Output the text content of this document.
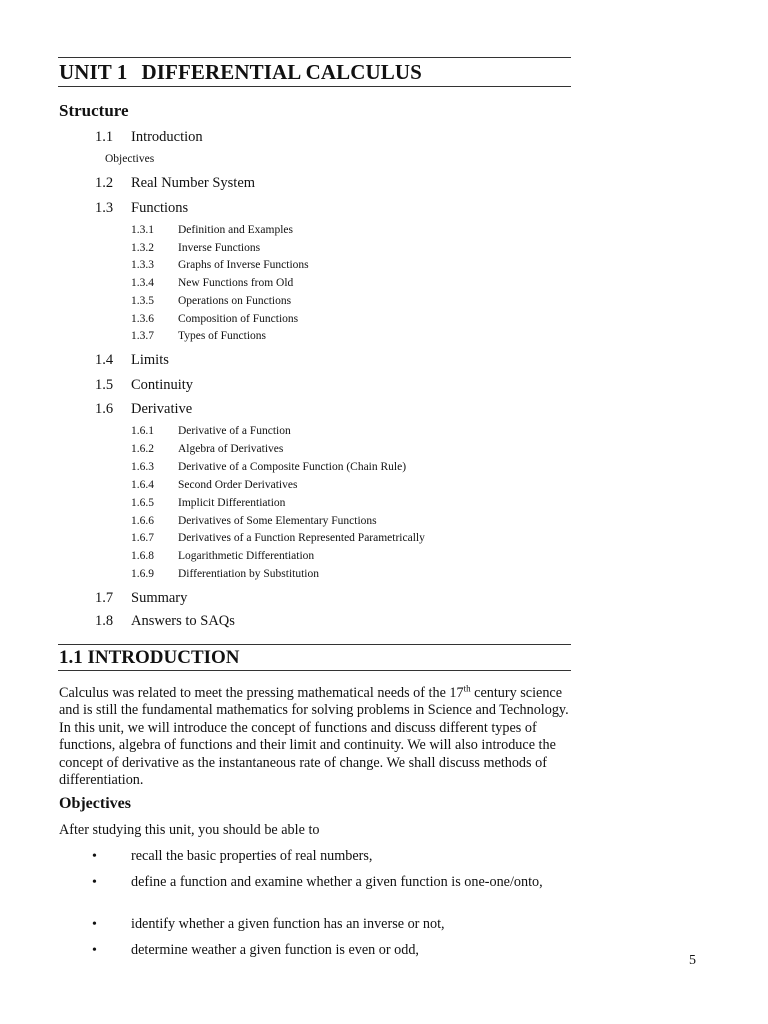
UNIT 1 DIFFERENTIAL CALCULUS
Structure
1.1 Introduction
Objectives
1.2 Real Number System
1.3 Functions
1.3.1 Definition and Examples
1.3.2 Inverse Functions
1.3.3 Graphs of Inverse Functions
1.3.4 New Functions from Old
1.3.5 Operations on Functions
1.3.6 Composition of Functions
1.3.7 Types of Functions
1.4 Limits
1.5 Continuity
1.6 Derivative
1.6.1 Derivative of a Function
1.6.2 Algebra of Derivatives
1.6.3 Derivative of a Composite Function (Chain Rule)
1.6.4 Second Order Derivatives
1.6.5 Implicit Differentiation
1.6.6 Derivatives of Some Elementary Functions
1.6.7 Derivatives of a Function Represented Parametrically
1.6.8 Logarithmetic Differentiation
1.6.9 Differentiation by Substitution
1.7 Summary
1.8 Answers to SAQs
1.1 INTRODUCTION
Calculus was related to meet the pressing mathematical needs of the 17th century science and is still the fundamental mathematics for solving problems in Science and Technology. In this unit, we will introduce the concept of functions and discuss different types of functions, algebra of functions and their limit and continuity. We will also introduce the concept of derivative as the instantaneous rate of change. We shall discuss methods of differentiation.
Objectives
After studying this unit, you should be able to
• recall the basic properties of real numbers,
• define a function and examine whether a given function is one-one/onto,
• identify whether a given function has an inverse or not,
• determine weather a given function is even or odd,
5
